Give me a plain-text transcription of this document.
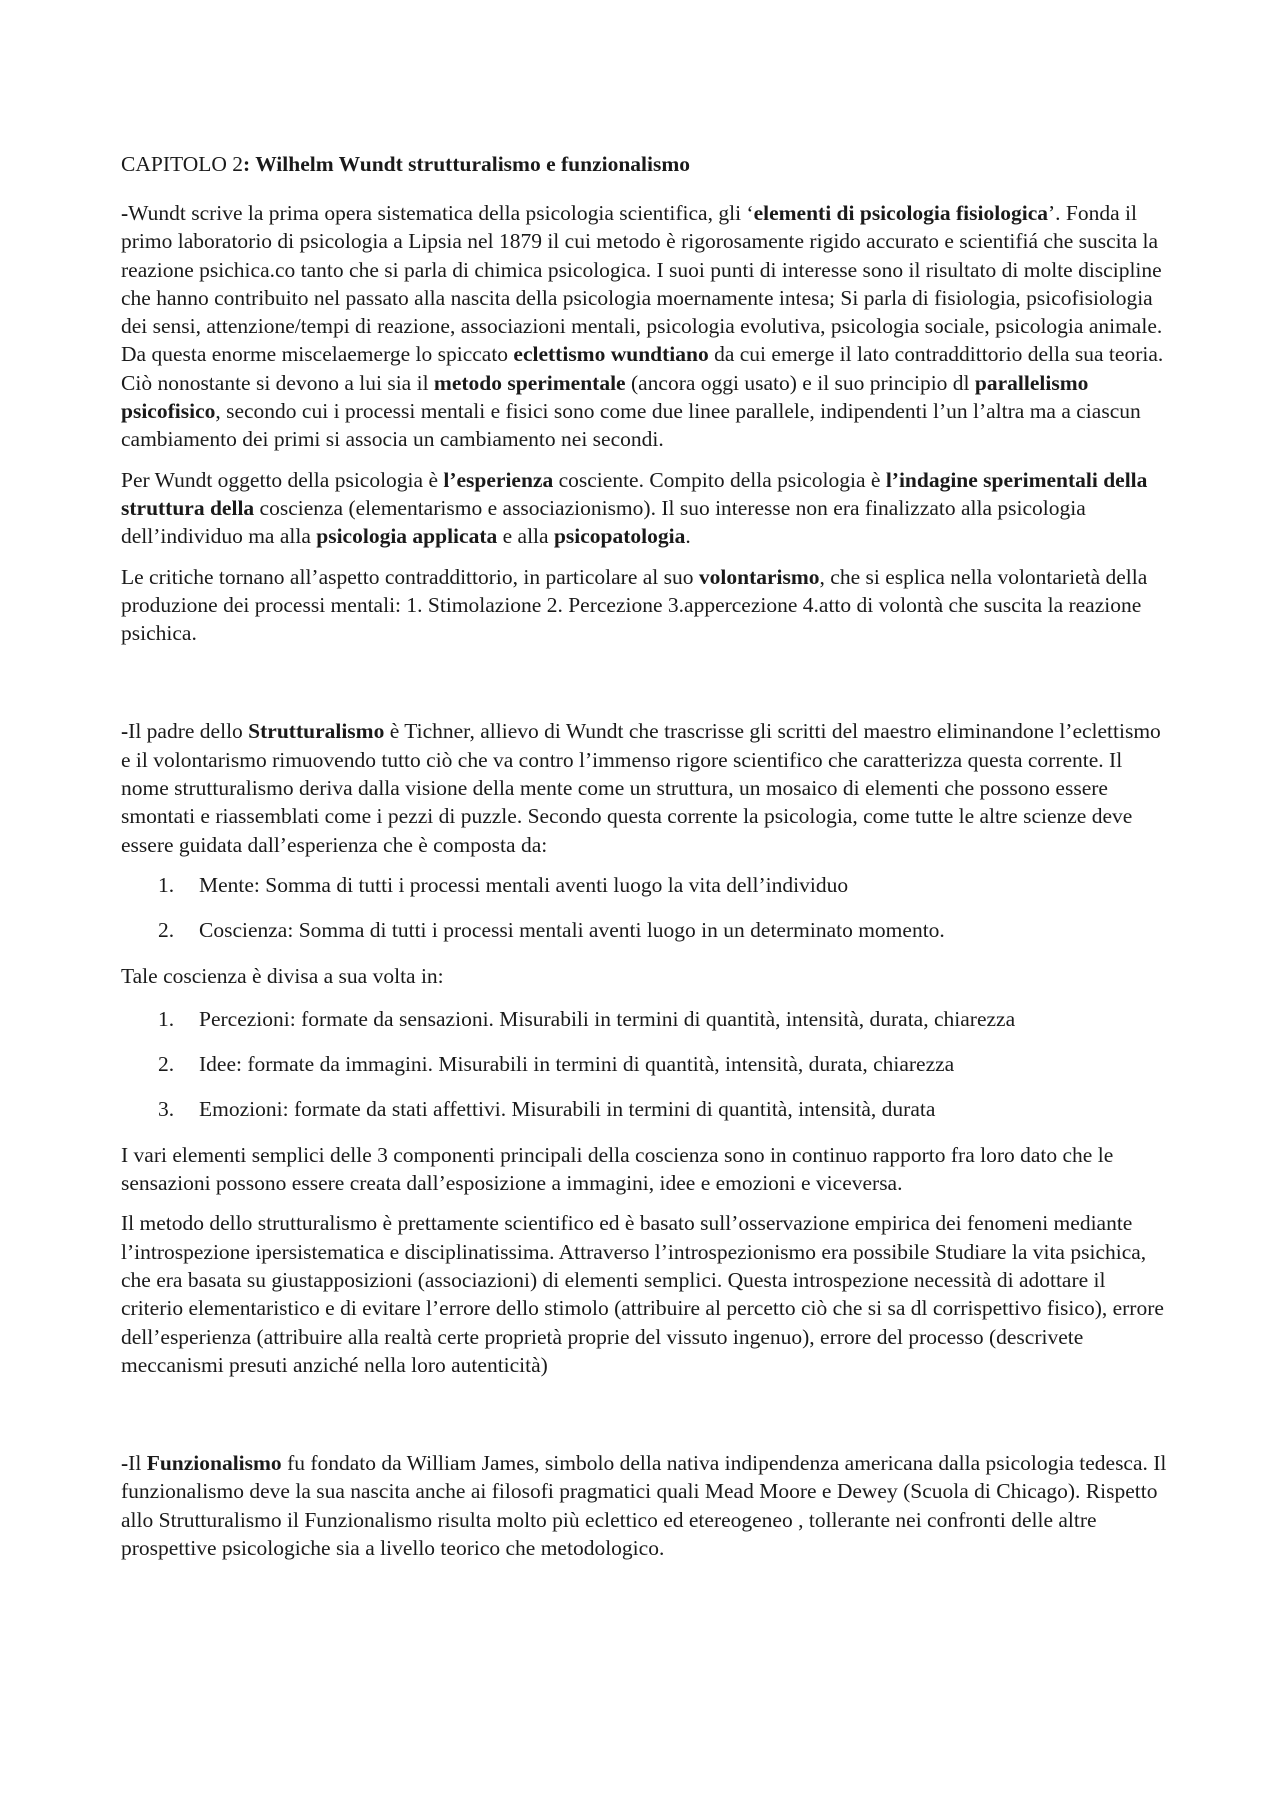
CAPITOLO 2: Wilhelm Wundt strutturalismo e funzionalismo

-Wundt scrive la prima opera sistematica della psicologia scientifica, gli ‘elementi di psicologia fisiologica’. Fonda il primo laboratorio di psicologia a Lipsia nel 1879 il cui metodo è rigorosamente rigido accurato e scientifiá che suscita la reazione psichica.co tanto che si parla di chimica psicologica. I suoi punti di interesse sono il risultato di molte discipline che hanno contribuito nel passato alla nascita della psicologia moernamente intesa; Si parla di fisiologia, psicofisiologia dei sensi, attenzione/tempi di reazione, associazioni mentali, psicologia evolutiva, psicologia sociale, psicologia animale. Da questa enorme miscelaemerge lo spiccato eclettismo wundtiano da cui emerge il lato contraddittorio della sua teoria. Ciò nonostante si devono a lui sia il metodo sperimentale (ancora oggi usato) e il suo principio dl parallelismo psicofisico, secondo cui i processi mentali e fisici sono come due linee parallele, indipendenti l’un l’altra ma a ciascun cambiamento dei primi si associa un cambiamento nei secondi.

Per Wundt oggetto della psicologia è l’esperienza cosciente. Compito della psicologia è l’indagine sperimentali della struttura della coscienza (elementarismo e associazionismo). Il suo interesse non era finalizzato alla psicologia dell’individuo ma alla psicologia applicata e alla psicopatologia.

Le critiche tornano all’aspetto contraddittorio, in particolare al suo volontarismo, che si esplica nella volontarietà della produzione dei processi mentali: 1. Stimolazione 2. Percezione 3.appercezione 4.atto di volontà che suscita la reazione psichica.

-Il padre dello Strutturalismo è Tichner, allievo di Wundt che trascrisse gli scritti del maestro eliminandone l’eclettismo e il volontarismo rimuovendo tutto ciò che va contro l’immenso rigore scientifico che caratterizza questa corrente. Il nome strutturalismo deriva dalla visione della mente come un struttura, un mosaico di elementi che possono essere smontati e riassemblati come i pezzi di puzzle. Secondo questa corrente la psicologia, come tutte le altre scienze deve essere guidata dall’esperienza che è composta da:

1. Mente: Somma di tutti i processi mentali aventi luogo la vita dell’individuo
2. Coscienza: Somma di tutti i processi mentali aventi luogo in un determinato momento.

Tale coscienza è divisa a sua volta in:

1. Percezioni: formate da sensazioni. Misurabili in termini di quantità, intensità, durata, chiarezza
2. Idee: formate da immagini. Misurabili in termini di quantità, intensità, durata, chiarezza
3. Emozioni: formate da stati affettivi. Misurabili in termini di quantità, intensità, durata

I vari elementi semplici delle 3 componenti principali della coscienza sono in continuo rapporto fra loro dato che le sensazioni possono essere creata dall’esposizione a immagini, idee e emozioni e viceversa.

Il metodo dello strutturalismo è prettamente scientifico ed è basato sull’osservazione empirica dei fenomeni mediante l’introspezione ipersistematica e disciplinatissima. Attraverso l’introspezionismo era possibile Studiare la vita psichica, che era basata su giustapposizioni (associazioni) di elementi semplici. Questa introspezione necessità di adottare il criterio elementaristico e di evitare l’errore dello stimolo (attribuire al percetto ciò che si sa dl corrispettivo fisico), errore dell’esperienza (attribuire alla realtà certe proprietà proprie del vissuto ingenuo), errore del processo (descrivete meccanismi presuti anziché nella loro autenticità)

-Il Funzionalismo fu fondato da William James, simbolo della nativa indipendenza americana dalla psicologia tedesca. Il funzionalismo deve la sua nascita anche ai filosofi pragmatici quali Mead Moore e Dewey (Scuola di Chicago). Rispetto allo Strutturalismo il Funzionalismo risulta molto più eclettico ed etereogeneo , tollerante nei confronti delle altre prospettive psicologiche sia a livello teorico che metodologico.
